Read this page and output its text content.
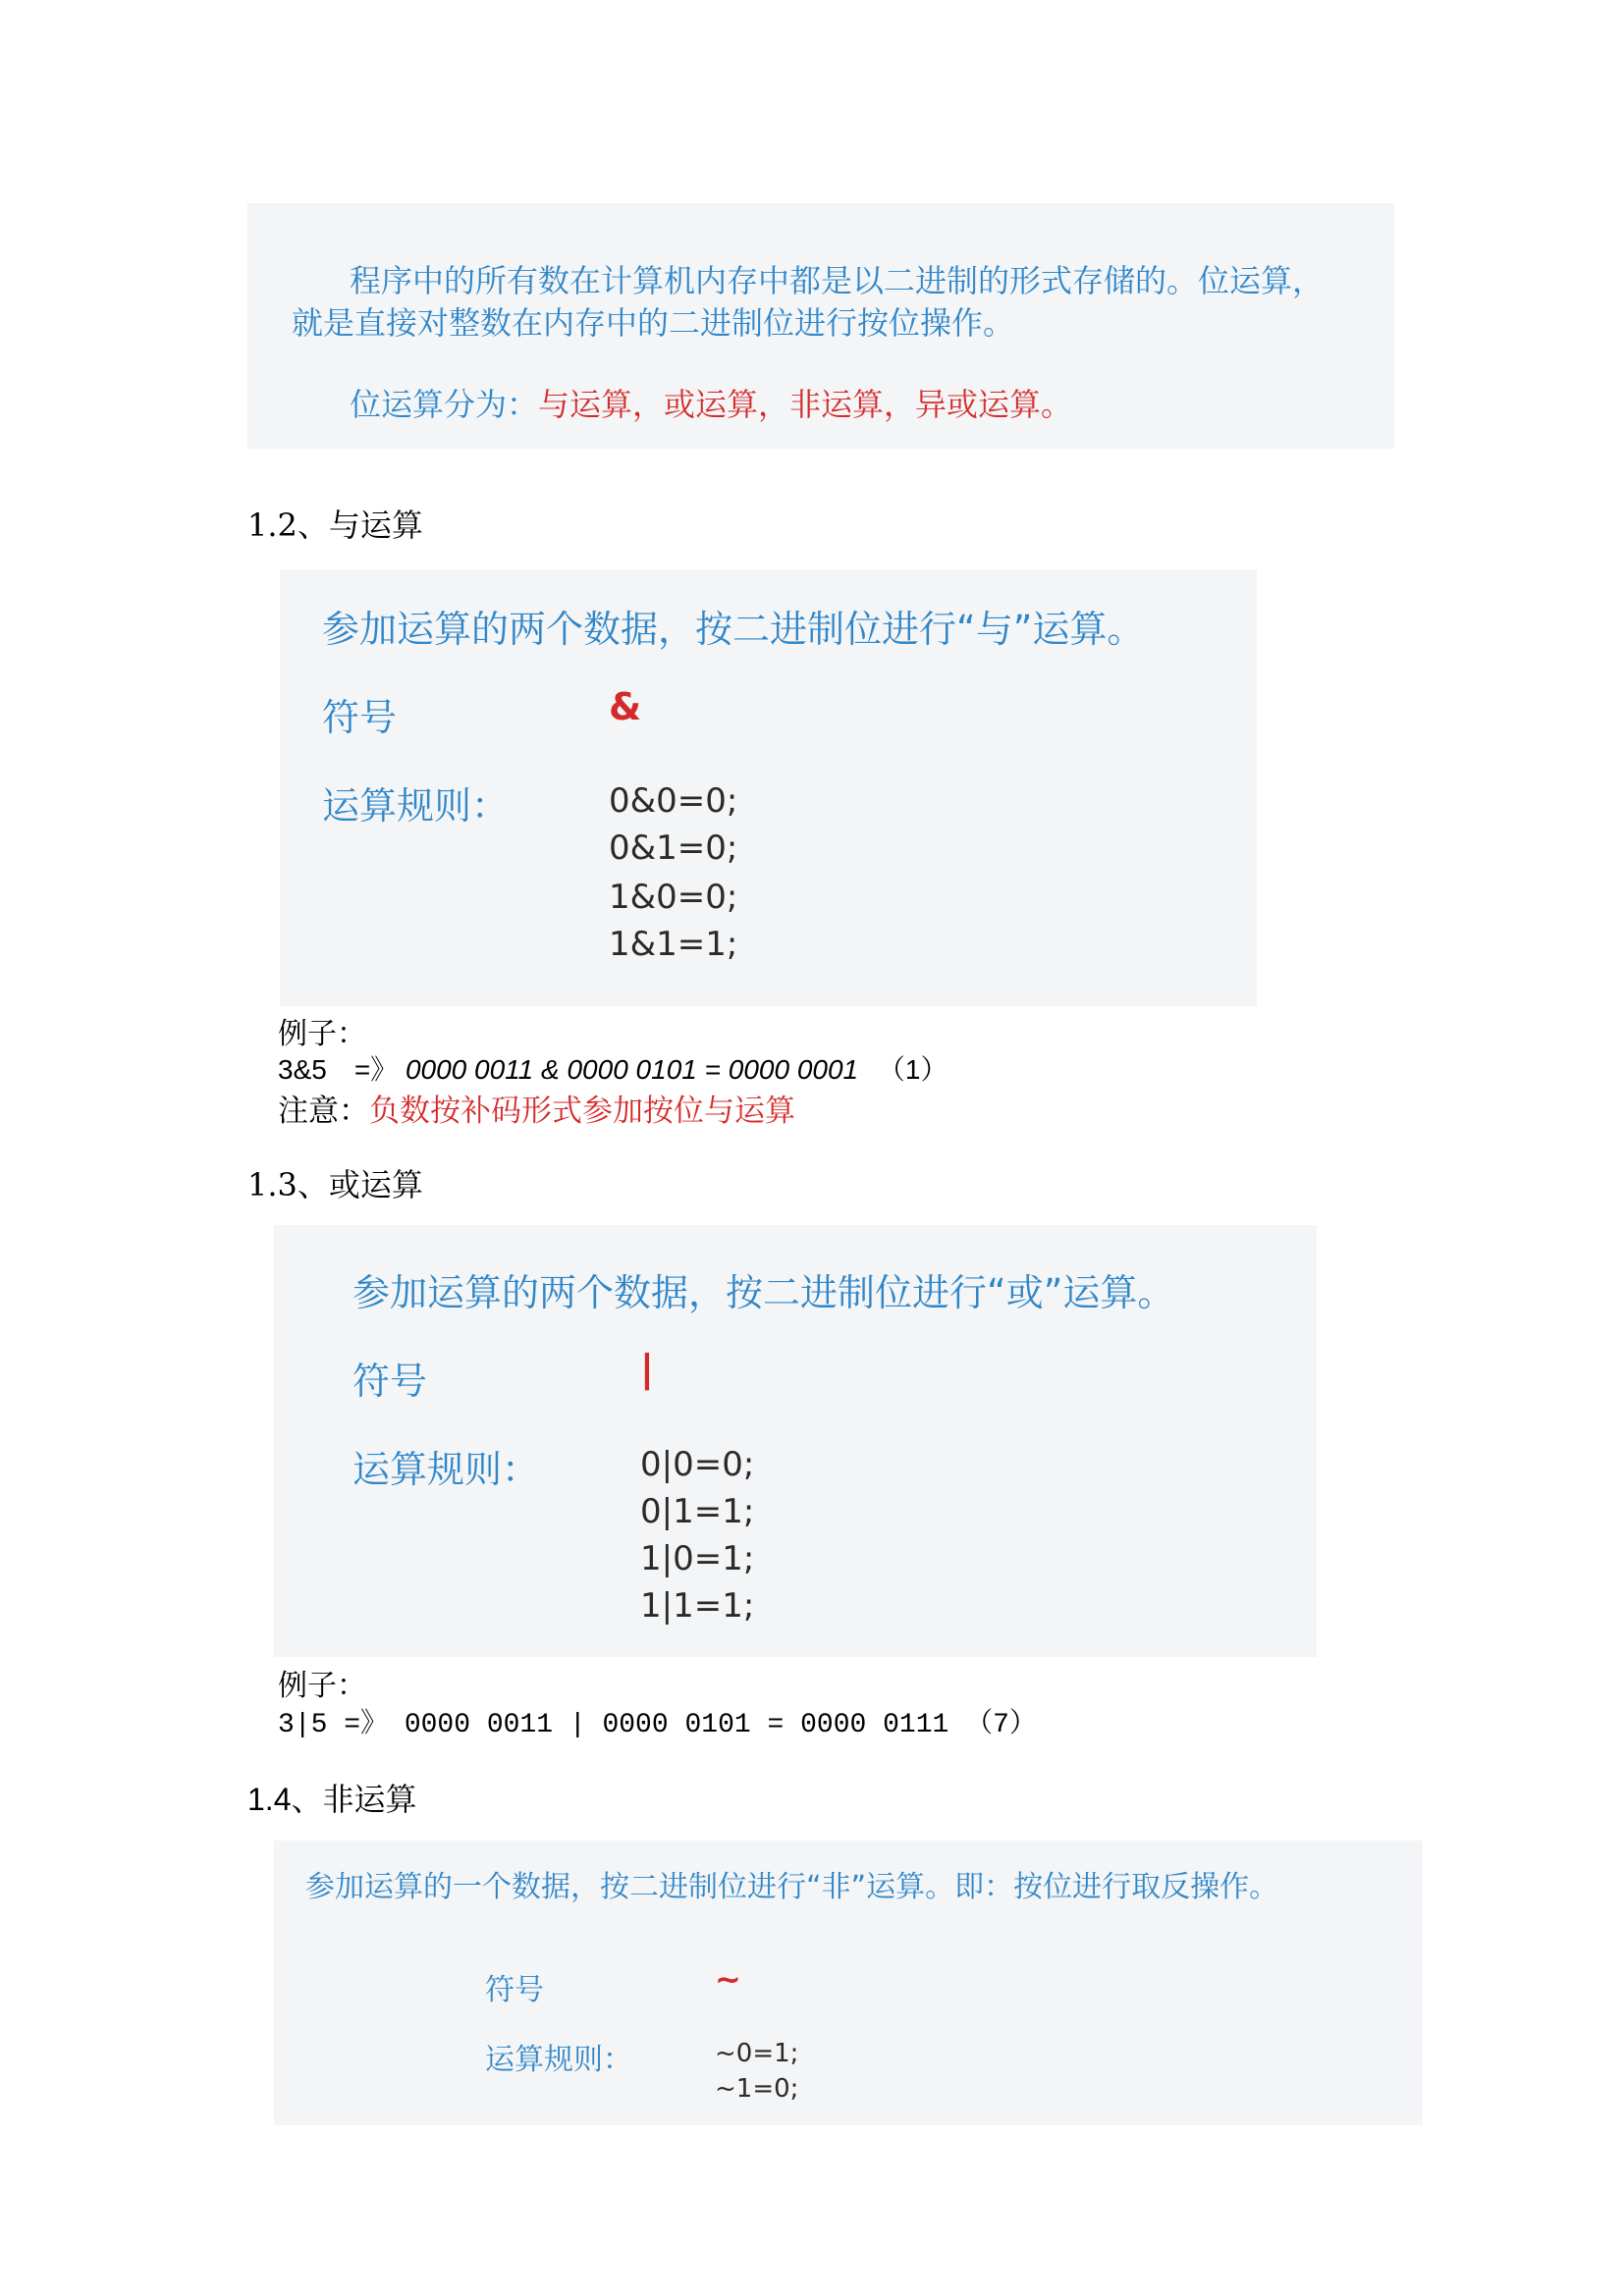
程序中的所有数在计算机内存中都是以二进制的形式存储的。位运算，
就是直接对整数在内存中的二进制位进行按位操作。
位运算分为：与运算，或运算，非运算，异或运算。
1.2、与运算
参加运算的两个数据，按二进制位进行“与”运算。
符号	&
运算规则：	0&0=0;
0&1=0;
1&0=0;
1&1=1;
例子：
3&5　=》 0000 0011 & 0000 0101 = 0000 0001 （1）
注意：负数按补码形式参加按位与运算
1.3、或运算
参加运算的两个数据，按二进制位进行“或”运算。
符号	|
运算规则：	0|0=0;
0|1=1;
1|0=1;
1|1=1;
例子：
3|5 =》 0000 0011 | 0000 0101 = 0000 0111 （7）
1.4、非运算
参加运算的一个数据，按二进制位进行“非”运算。即：按位进行取反操作。
符号	~
运算规则：	~0=1;
~1=0;
